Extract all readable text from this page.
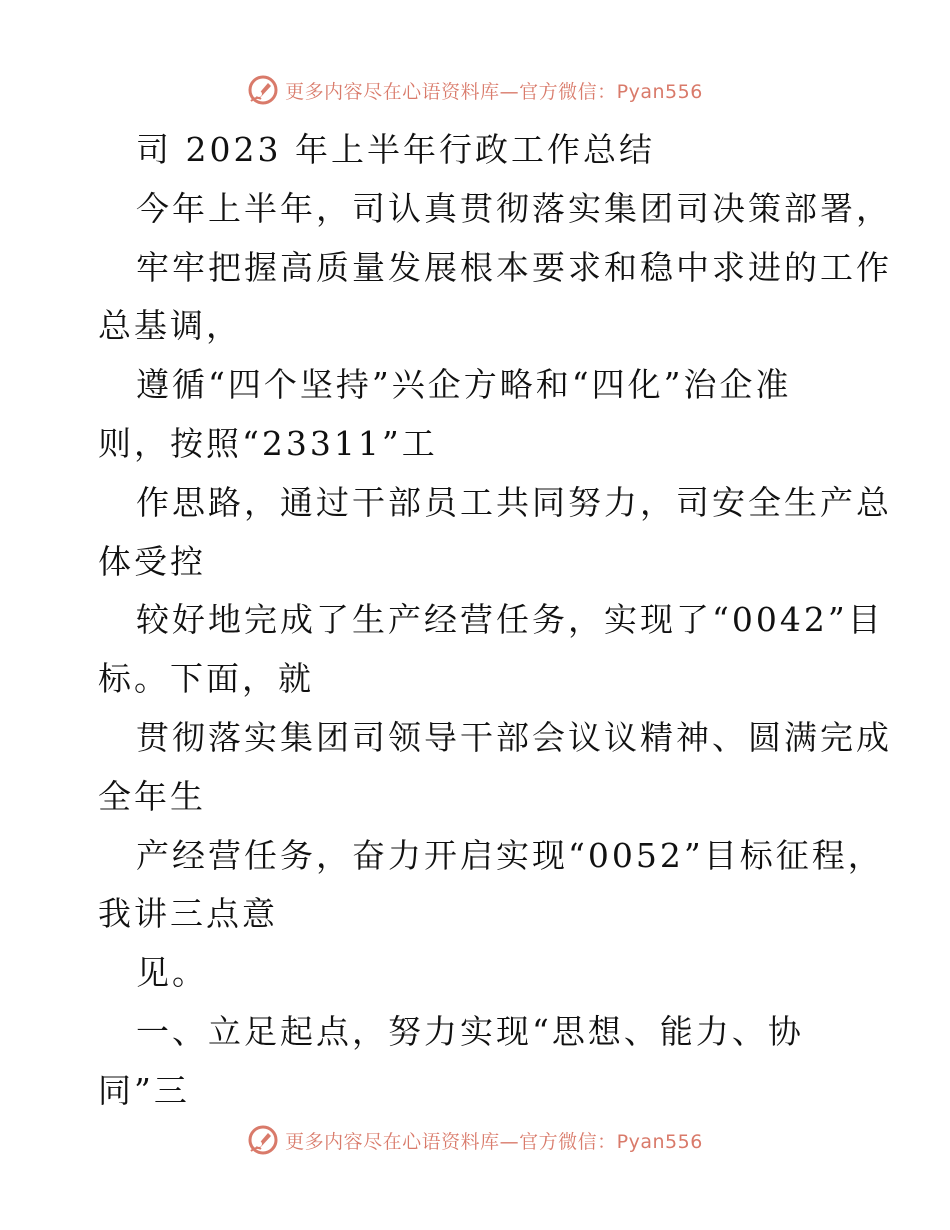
更多内容尽在心语资料库—官方微信：Pyan556

司 2023 年上半年行政工作总结

今年上半年，司认真贯彻落实集团司决策部署，

牢牢把握高质量发展根本要求和稳中求进的工作

总基调，

遵循“四个坚持”兴企方略和“四化”治企准

则，按照“23311”工

作思路，通过干部员工共同努力，司安全生产总

体受控

较好地完成了生产经营任务，实现了“0042”目

标。下面，就

贯彻落实集团司领导干部会议议精神、圆满完成

全年生

产经营任务，奋力开启实现“0052”目标征程，

我讲三点意

见。

一、立足起点，努力实现“思想、能力、协

同”三

更多内容尽在心语资料库—官方微信：Pyan556
